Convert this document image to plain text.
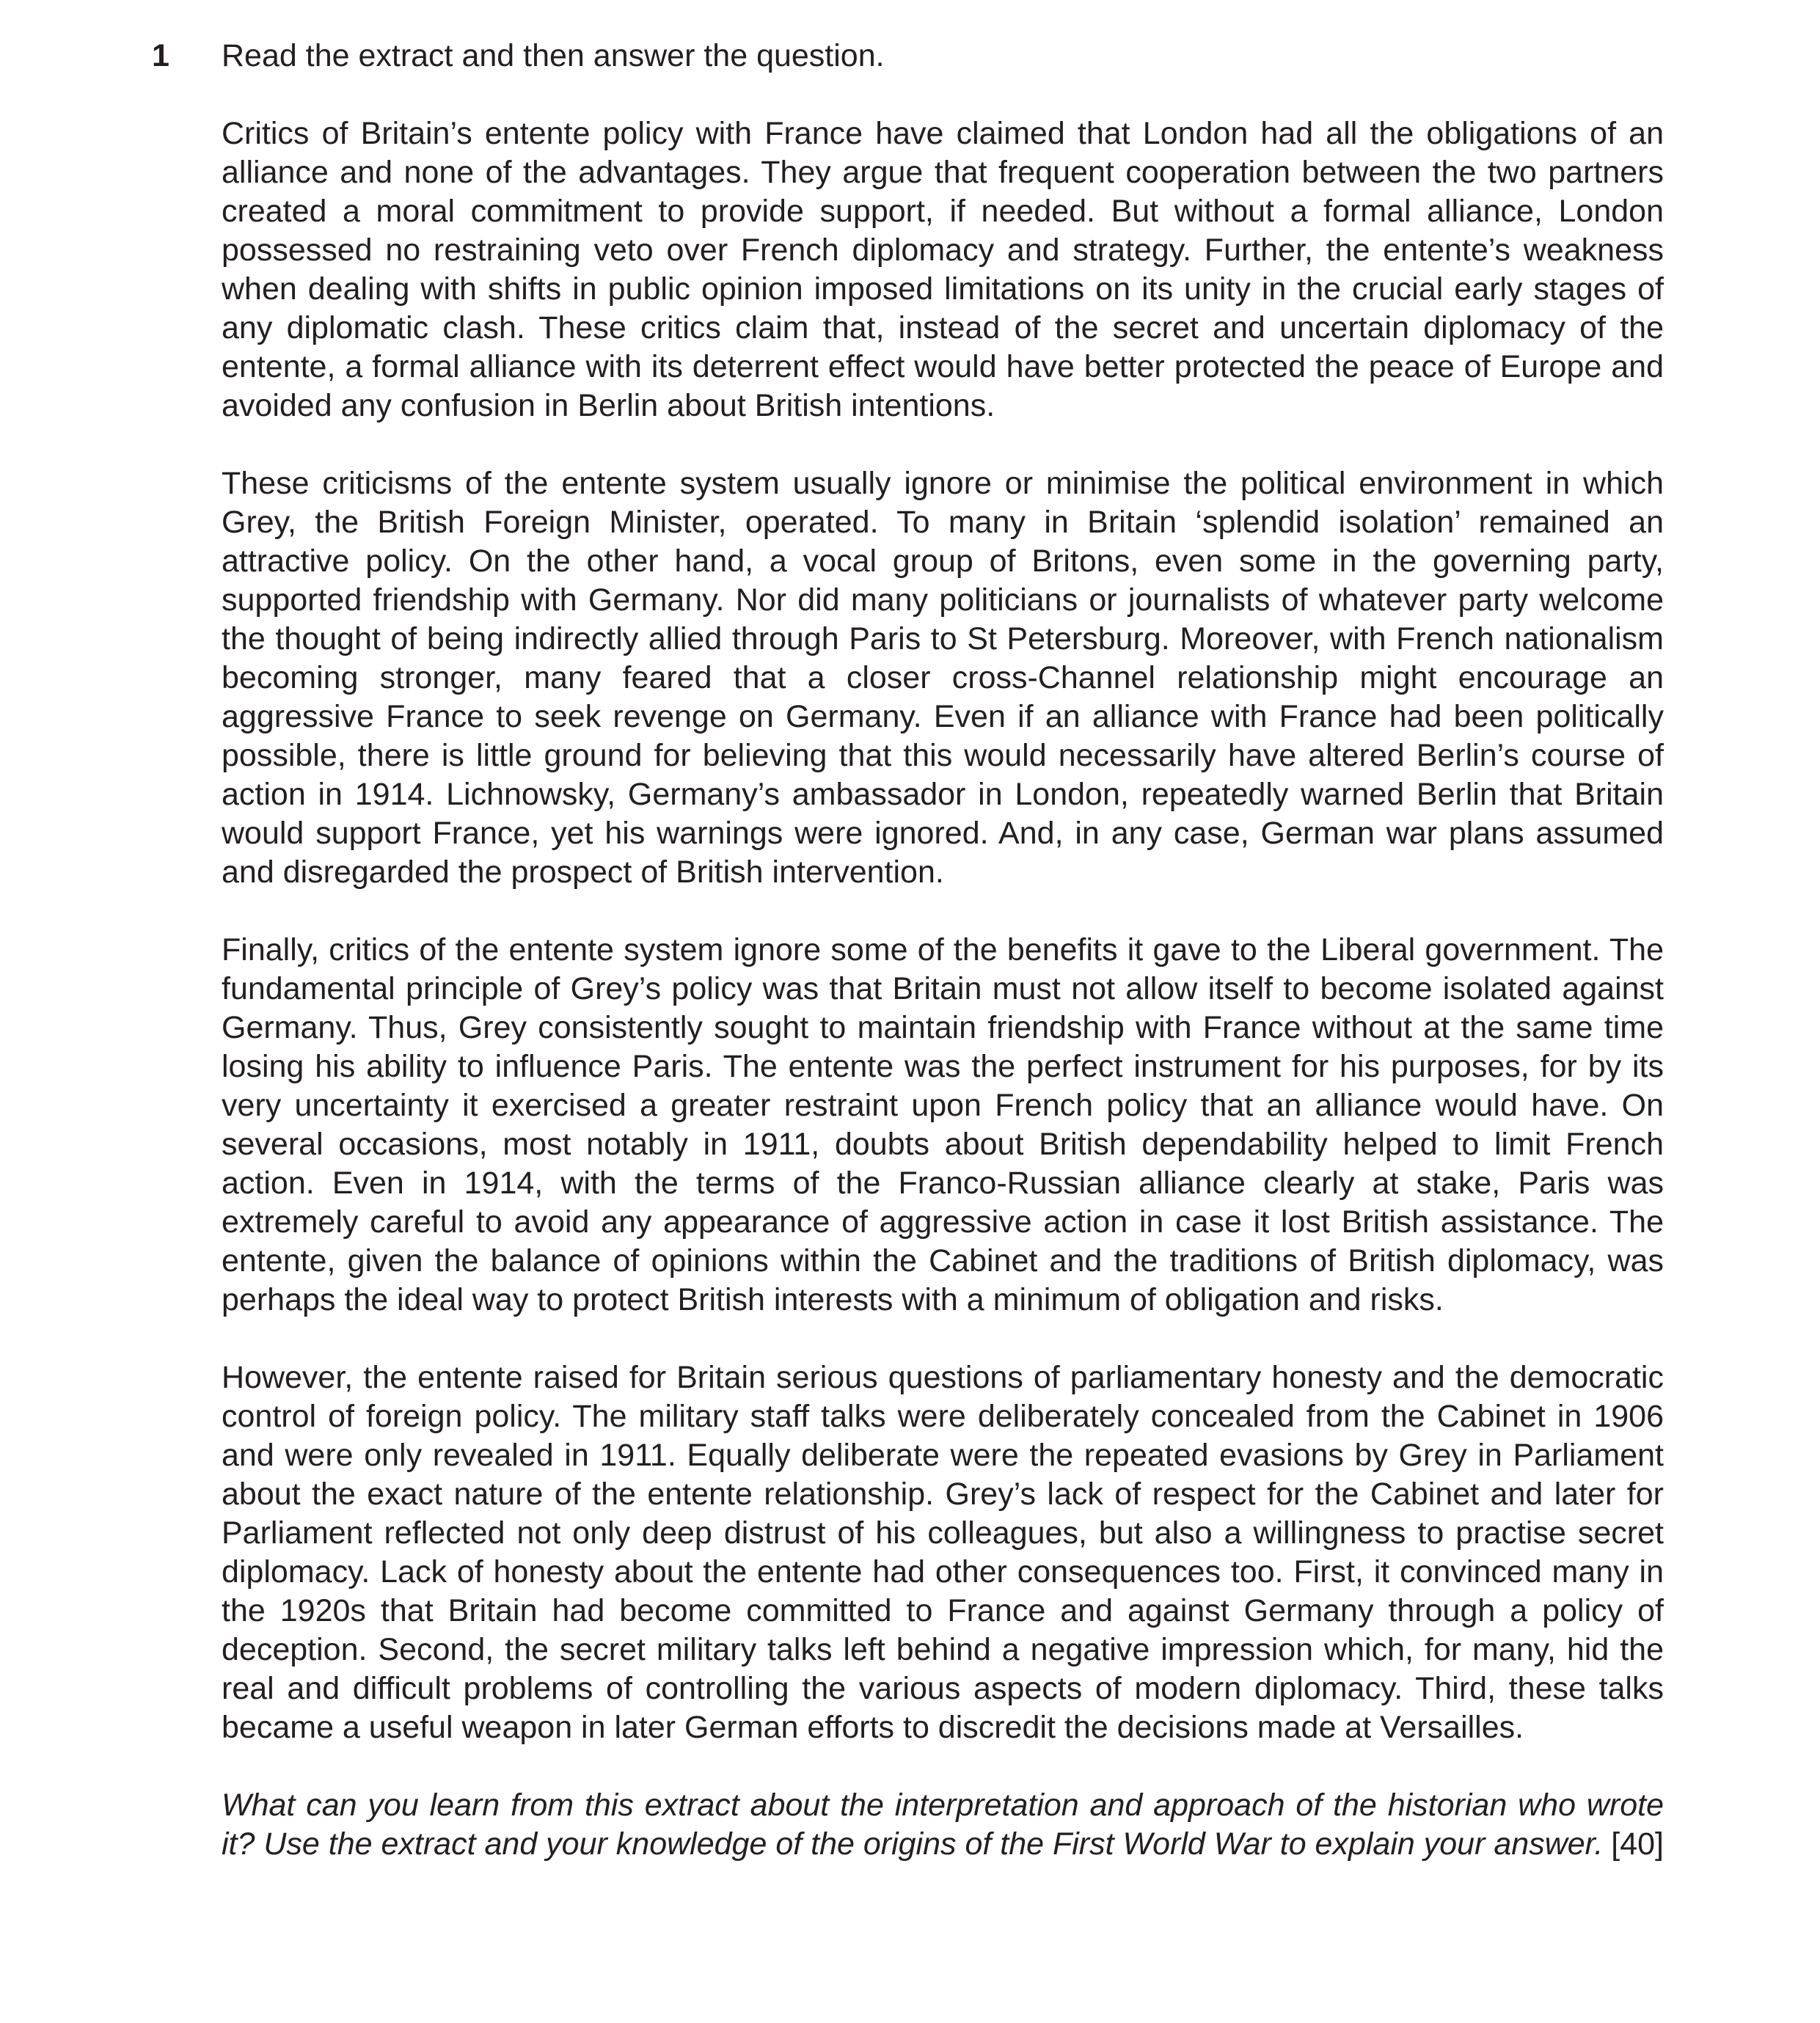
1 Read the extract and then answer the question.

Critics of Britain’s entente policy with France have claimed that London had all the obligations of an alliance and none of the advantages. They argue that frequent cooperation between the two partners created a moral commitment to provide support, if needed. But without a formal alliance, London possessed no restraining veto over French diplomacy and strategy. Further, the entente’s weakness when dealing with shifts in public opinion imposed limitations on its unity in the crucial early stages of any diplomatic clash. These critics claim that, instead of the secret and uncertain diplomacy of the entente, a formal alliance with its deterrent effect would have better protected the peace of Europe and avoided any confusion in Berlin about British intentions.

These criticisms of the entente system usually ignore or minimise the political environment in which Grey, the British Foreign Minister, operated. To many in Britain ‘splendid isolation’ remained an attractive policy. On the other hand, a vocal group of Britons, even some in the governing party, supported friendship with Germany. Nor did many politicians or journalists of whatever party welcome the thought of being indirectly allied through Paris to St Petersburg. Moreover, with French nationalism becoming stronger, many feared that a closer cross-Channel relationship might encourage an aggressive France to seek revenge on Germany. Even if an alliance with France had been politically possible, there is little ground for believing that this would necessarily have altered Berlin’s course of action in 1914. Lichnowsky, Germany’s ambassador in London, repeatedly warned Berlin that Britain would support France, yet his warnings were ignored. And, in any case, German war plans assumed and disregarded the prospect of British intervention.

Finally, critics of the entente system ignore some of the benefits it gave to the Liberal government. The fundamental principle of Grey’s policy was that Britain must not allow itself to become isolated against Germany. Thus, Grey consistently sought to maintain friendship with France without at the same time losing his ability to influence Paris. The entente was the perfect instrument for his purposes, for by its very uncertainty it exercised a greater restraint upon French policy that an alliance would have. On several occasions, most notably in 1911, doubts about British dependability helped to limit French action. Even in 1914, with the terms of the Franco-Russian alliance clearly at stake, Paris was extremely careful to avoid any appearance of aggressive action in case it lost British assistance. The entente, given the balance of opinions within the Cabinet and the traditions of British diplomacy, was perhaps the ideal way to protect British interests with a minimum of obligation and risks.

However, the entente raised for Britain serious questions of parliamentary honesty and the democratic control of foreign policy. The military staff talks were deliberately concealed from the Cabinet in 1906 and were only revealed in 1911. Equally deliberate were the repeated evasions by Grey in Parliament about the exact nature of the entente relationship. Grey’s lack of respect for the Cabinet and later for Parliament reflected not only deep distrust of his colleagues, but also a willingness to practise secret diplomacy. Lack of honesty about the entente had other consequences too. First, it convinced many in the 1920s that Britain had become committed to France and against Germany through a policy of deception. Second, the secret military talks left behind a negative impression which, for many, hid the real and difficult problems of controlling the various aspects of modern diplomacy. Third, these talks became a useful weapon in later German efforts to discredit the decisions made at Versailles.

What can you learn from this extract about the interpretation and approach of the historian who wrote it? Use the extract and your knowledge of the origins of the First World War to explain your answer. [40]
